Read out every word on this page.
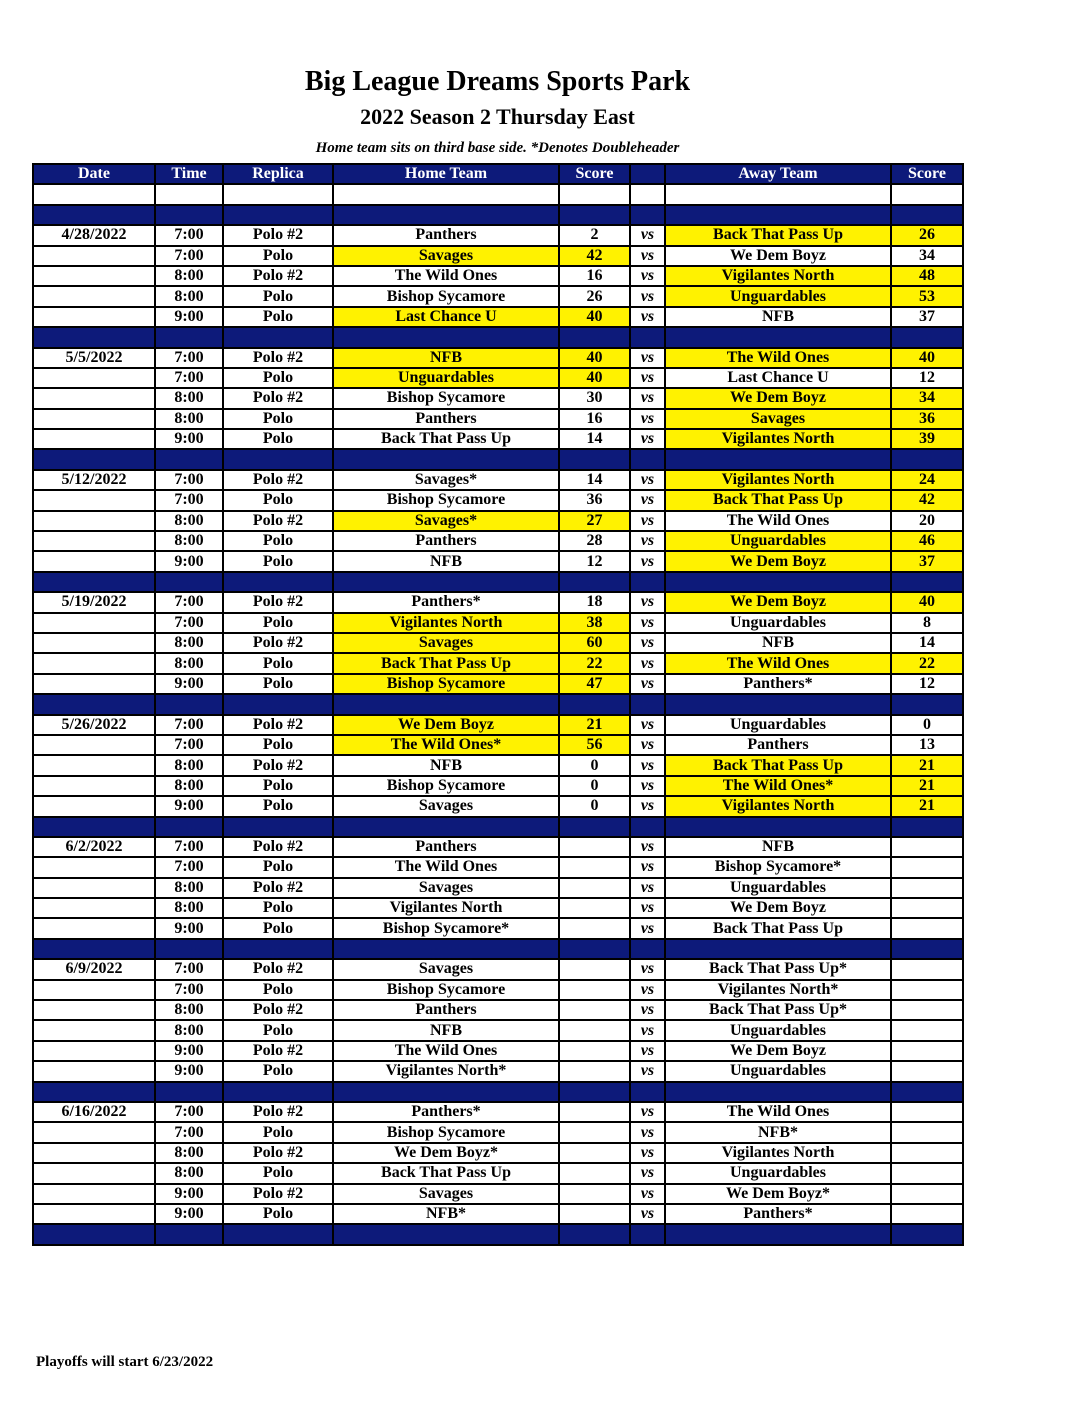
Big League Dreams Sports Park
2022 Season 2 Thursday East
Home team sits on third base side. *Denotes Doubleheader
Date	Time	Replica	Home Team	Score		Away Team	Score

4/28/2022	7:00	Polo #2	Panthers	2	vs	Back That Pass Up	26
	7:00	Polo	Savages	42	vs	We Dem Boyz	34
	8:00	Polo #2	The Wild Ones	16	vs	Vigilantes North	48
	8:00	Polo	Bishop Sycamore	26	vs	Unguardables	53
	9:00	Polo	Last Chance U	40	vs	NFB	37

5/5/2022	7:00	Polo #2	NFB	40	vs	The Wild Ones	40
	7:00	Polo	Unguardables	40	vs	Last Chance U	12
	8:00	Polo #2	Bishop Sycamore	30	vs	We Dem Boyz	34
	8:00	Polo	Panthers	16	vs	Savages	36
	9:00	Polo	Back That Pass Up	14	vs	Vigilantes North	39

5/12/2022	7:00	Polo #2	Savages*	14	vs	Vigilantes North	24
	7:00	Polo	Bishop Sycamore	36	vs	Back That Pass Up	42
	8:00	Polo #2	Savages*	27	vs	The Wild Ones	20
	8:00	Polo	Panthers	28	vs	Unguardables	46
	9:00	Polo	NFB	12	vs	We Dem Boyz	37

5/19/2022	7:00	Polo #2	Panthers*	18	vs	We Dem Boyz	40
	7:00	Polo	Vigilantes North	38	vs	Unguardables	8
	8:00	Polo #2	Savages	60	vs	NFB	14
	8:00	Polo	Back That Pass Up	22	vs	The Wild Ones	22
	9:00	Polo	Bishop Sycamore	47	vs	Panthers*	12

5/26/2022	7:00	Polo #2	We Dem Boyz	21	vs	Unguardables	0
	7:00	Polo	The Wild Ones*	56	vs	Panthers	13
	8:00	Polo #2	NFB	0	vs	Back That Pass Up	21
	8:00	Polo	Bishop Sycamore	0	vs	The Wild Ones*	21
	9:00	Polo	Savages	0	vs	Vigilantes North	21

6/2/2022	7:00	Polo #2	Panthers		vs	NFB	
	7:00	Polo	The Wild Ones		vs	Bishop Sycamore*	
	8:00	Polo #2	Savages		vs	Unguardables	
	8:00	Polo	Vigilantes North		vs	We Dem Boyz	
	9:00	Polo	Bishop Sycamore*		vs	Back That Pass Up	

6/9/2022	7:00	Polo #2	Savages		vs	Back That Pass Up*	
	7:00	Polo	Bishop Sycamore		vs	Vigilantes North*	
	8:00	Polo #2	Panthers		vs	Back That Pass Up*	
	8:00	Polo	NFB		vs	Unguardables	
	9:00	Polo #2	The Wild Ones		vs	We Dem Boyz	
	9:00	Polo	Vigilantes North*		vs	Unguardables	

6/16/2022	7:00	Polo #2	Panthers*		vs	The Wild Ones	
	7:00	Polo	Bishop Sycamore		vs	NFB*	
	8:00	Polo #2	We Dem Boyz*		vs	Vigilantes North	
	8:00	Polo	Back That Pass Up		vs	Unguardables	
	9:00	Polo #2	Savages		vs	We Dem Boyz*	
	9:00	Polo	NFB*		vs	Panthers*	

Playoffs will start 6/23/2022
